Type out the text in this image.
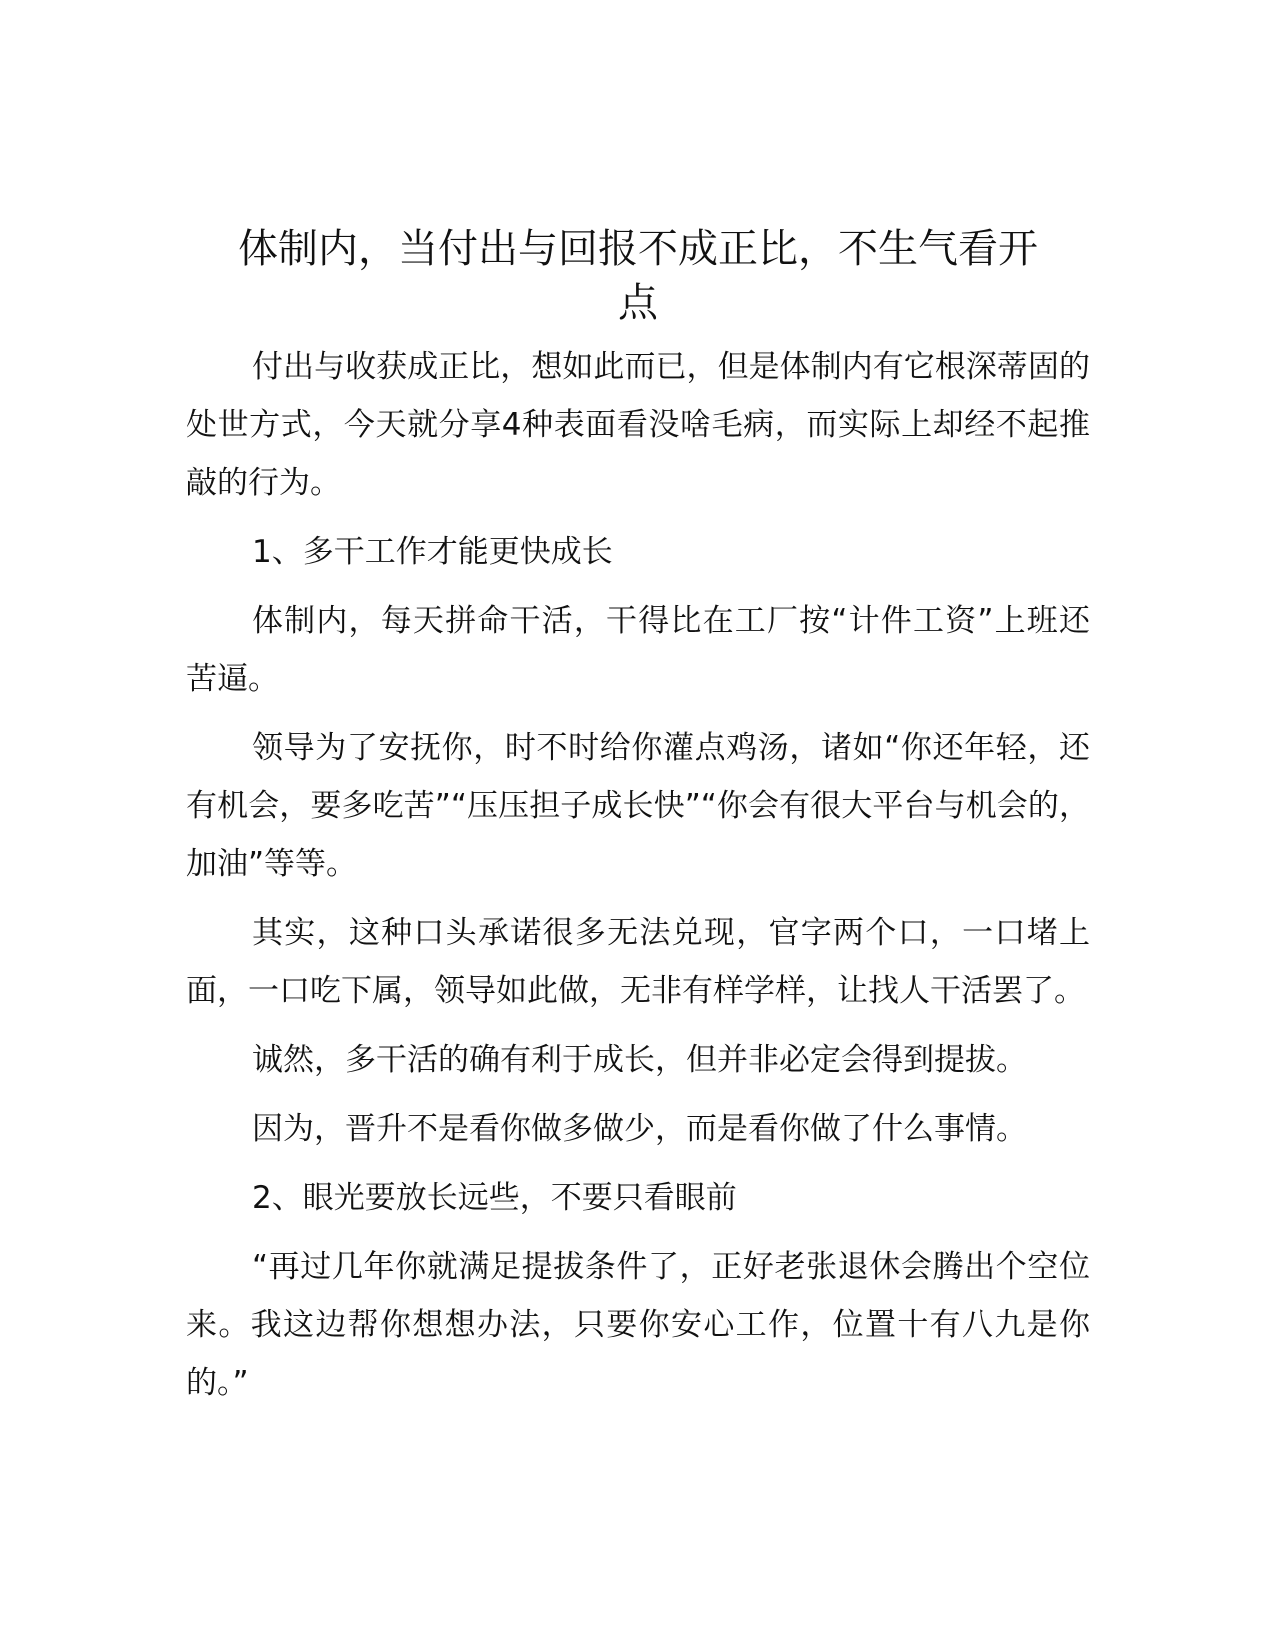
体制内，当付出与回报不成正比，不生气看开
点

付出与收获成正比，想如此而已，但是体制内有它根深蒂固的处世方式，今天就分享4种表面看没啥毛病，而实际上却经不起推敲的行为。

1、多干工作才能更快成长

体制内，每天拼命干活，干得比在工厂按“计件工资”上班还苦逼。

领导为了安抚你，时不时给你灌点鸡汤，诸如“你还年轻，还有机会，要多吃苦”“压压担子成长快”“你会有很大平台与机会的，加油”等等。

其实，这种口头承诺很多无法兑现，官字两个口，一口堵上面，一口吃下属，领导如此做，无非有样学样，让找人干活罢了。

诚然，多干活的确有利于成长，但并非必定会得到提拔。

因为，晋升不是看你做多做少，而是看你做了什么事情。

2、眼光要放长远些，不要只看眼前

“再过几年你就满足提拔条件了，正好老张退休会腾出个空位来。我这边帮你想想办法，只要你安心工作，位置十有八九是你的。”
